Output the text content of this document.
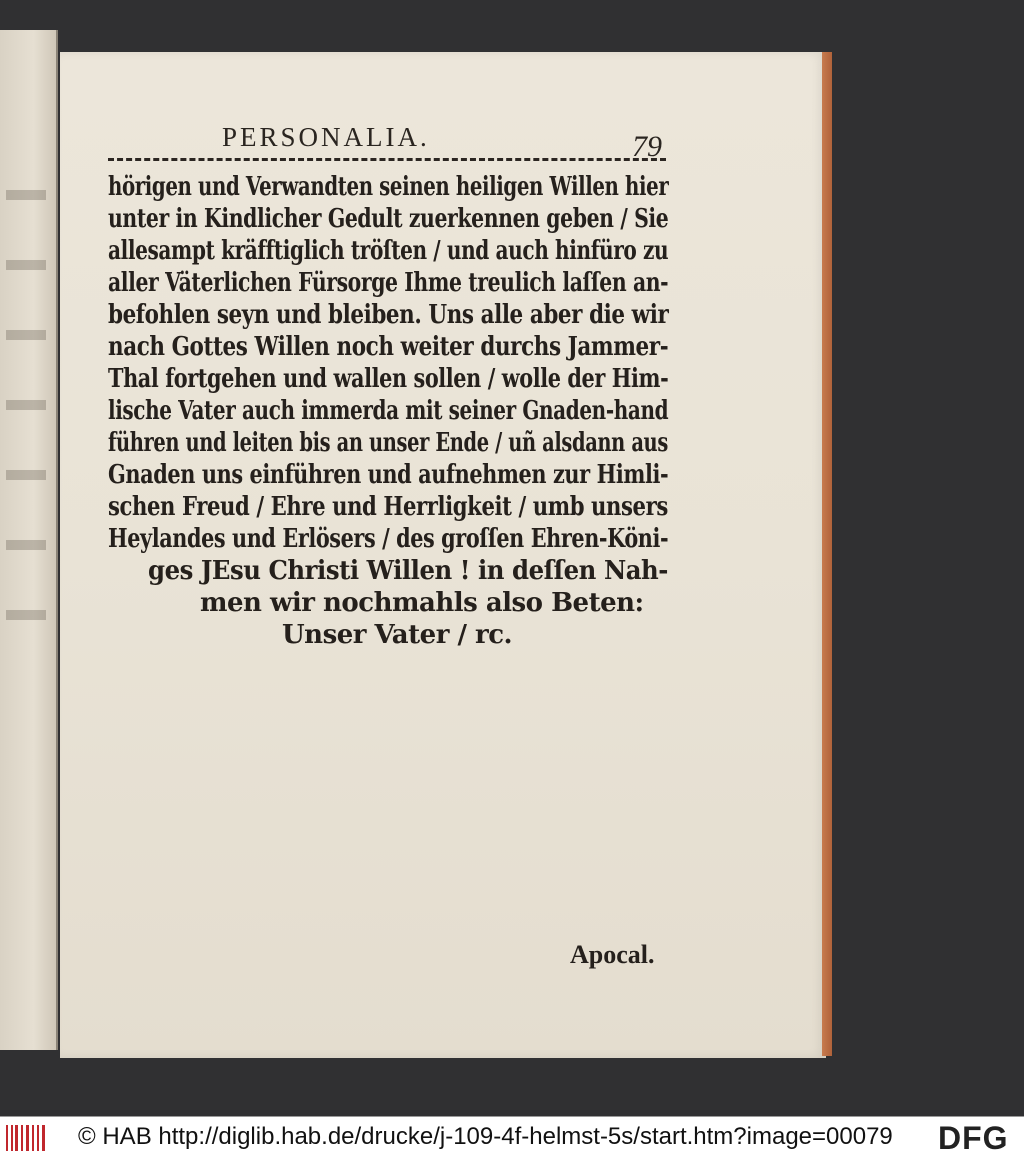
PERSONALIA.	79
hörigen und Verwandten seinen heiligen Willen hier
unter in Kindlicher Gedult zuerkennen geben / Sie
allesampt kräfftiglich tröſten / und auch hinfüro zu
aller Väterlichen Fürsorge Ihme treulich laſſen an-
befohlen seyn und bleiben. Uns alle aber die wir
nach Gottes Willen noch weiter durchs Jammer-
Thal fortgehen und wallen sollen / wolle der Him-
lische Vater auch immerda mit seiner Gnaden-hand
führen und leiten bis an unser Ende / uñ alsdann aus
Gnaden uns einführen und aufnehmen zur Himli-
schen Freud / Ehre und Herrligkeit / umb unsers
Heylandes und Erlösers / des groſſen Ehren-Köni-
ges JEsu Christi Willen ! in deſſen Nah-
men wir nochmahls also Beten:
Unser Vater / rc.
Apocal.
© HAB http://diglib.hab.de/drucke/j-109-4f-helmst-5s/start.htm?image=00079 DFG
